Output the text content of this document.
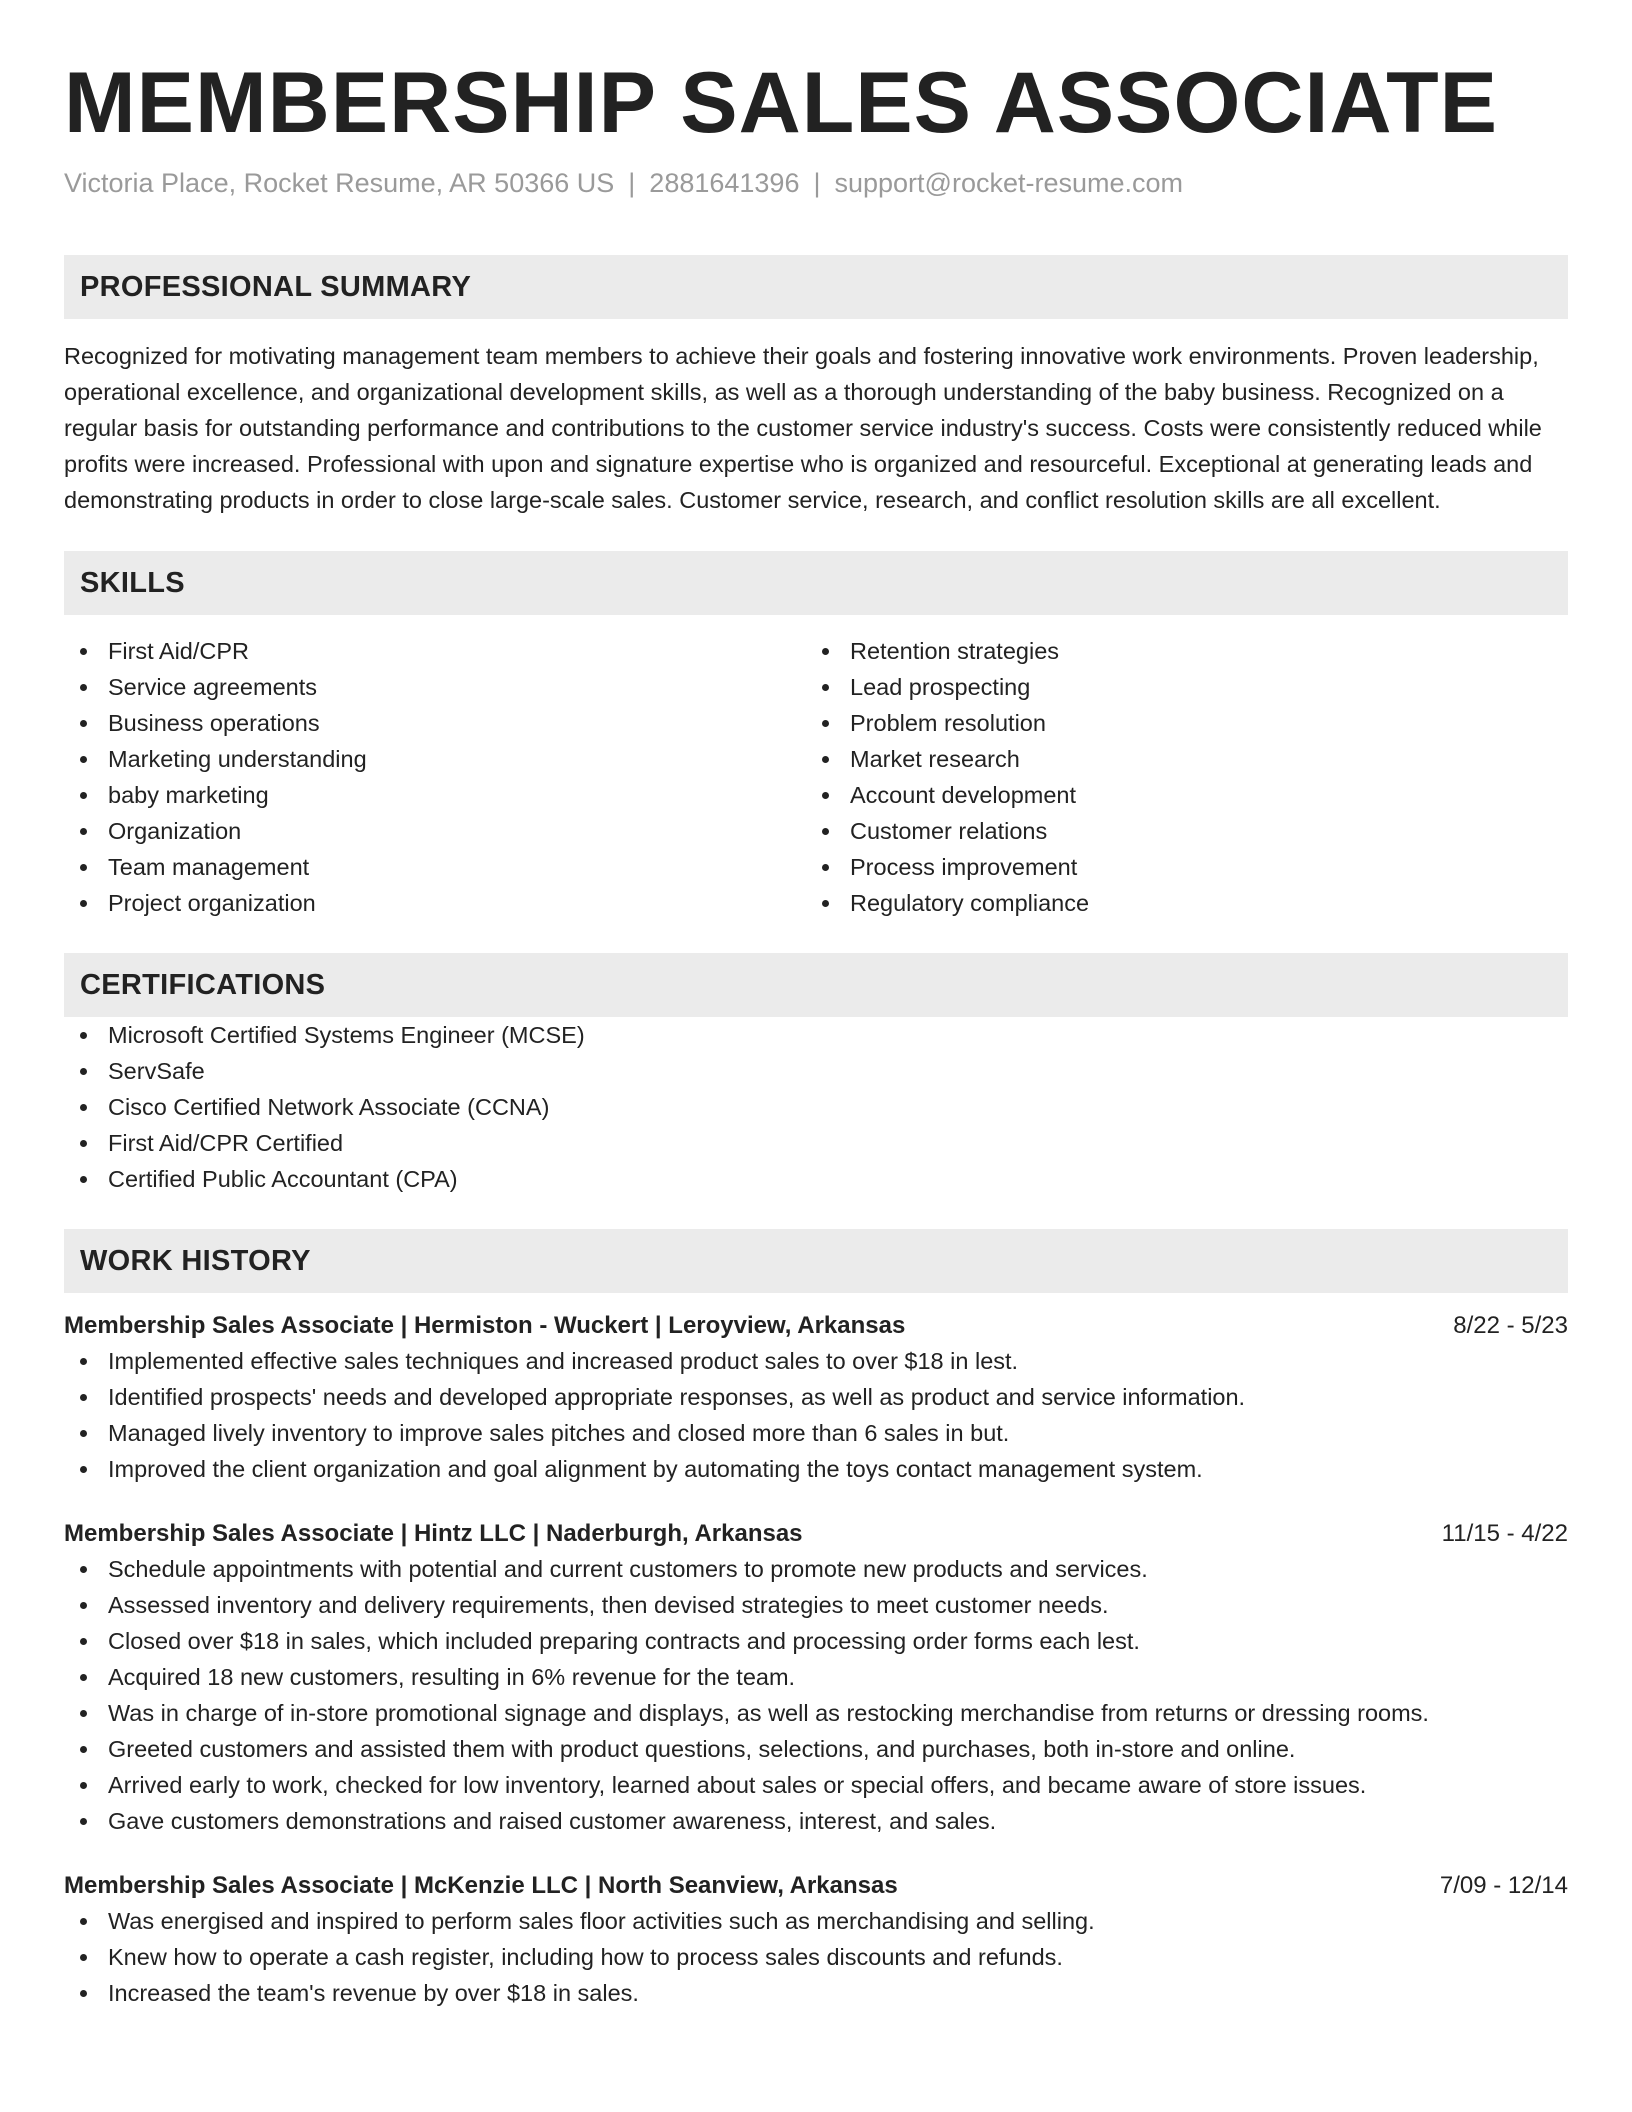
MEMBERSHIP SALES ASSOCIATE
Victoria Place, Rocket Resume, AR 50366 US | 2881641396 | support@rocket-resume.com
PROFESSIONAL SUMMARY

Recognized for motivating management team members to achieve their goals and fostering innovative work environments. Proven leadership, operational excellence, and organizational development skills, as well as a thorough understanding of the baby business. Recognized on a regular basis for outstanding performance and contributions to the customer service industry's success. Costs were consistently reduced while profits were increased. Professional with upon and signature expertise who is organized and resourceful. Exceptional at generating leads and demonstrating products in order to close large-scale sales. Customer service, research, and conflict resolution skills are all excellent.

SKILLS
First Aid/CPR
Service agreements
Business operations
Marketing understanding
baby marketing
Organization
Team management
Project organization
Retention strategies
Lead prospecting
Problem resolution
Market research
Account development
Customer relations
Process improvement
Regulatory compliance
CERTIFICATIONS
Microsoft Certified Systems Engineer (MCSE)
ServSafe
Cisco Certified Network Associate (CCNA)
First Aid/CPR Certified
Certified Public Accountant (CPA)
WORK HISTORY
Membership Sales Associate | Hermiston - Wuckert | Leroyview, Arkansas	8/22 - 5/23
Implemented effective sales techniques and increased product sales to over $18 in lest.
Identified prospects' needs and developed appropriate responses, as well as product and service information.
Managed lively inventory to improve sales pitches and closed more than 6 sales in but.
Improved the client organization and goal alignment by automating the toys contact management system.
Membership Sales Associate | Hintz LLC | Naderburgh, Arkansas	11/15 - 4/22
Schedule appointments with potential and current customers to promote new products and services.
Assessed inventory and delivery requirements, then devised strategies to meet customer needs.
Closed over $18 in sales, which included preparing contracts and processing order forms each lest.
Acquired 18 new customers, resulting in 6% revenue for the team.
Was in charge of in-store promotional signage and displays, as well as restocking merchandise from returns or dressing rooms.
Greeted customers and assisted them with product questions, selections, and purchases, both in-store and online.
Arrived early to work, checked for low inventory, learned about sales or special offers, and became aware of store issues.
Gave customers demonstrations and raised customer awareness, interest, and sales.
Membership Sales Associate | McKenzie LLC | North Seanview, Arkansas	7/09 - 12/14
Was energised and inspired to perform sales floor activities such as merchandising and selling.
Knew how to operate a cash register, including how to process sales discounts and refunds.
Increased the team's revenue by over $18 in sales.
